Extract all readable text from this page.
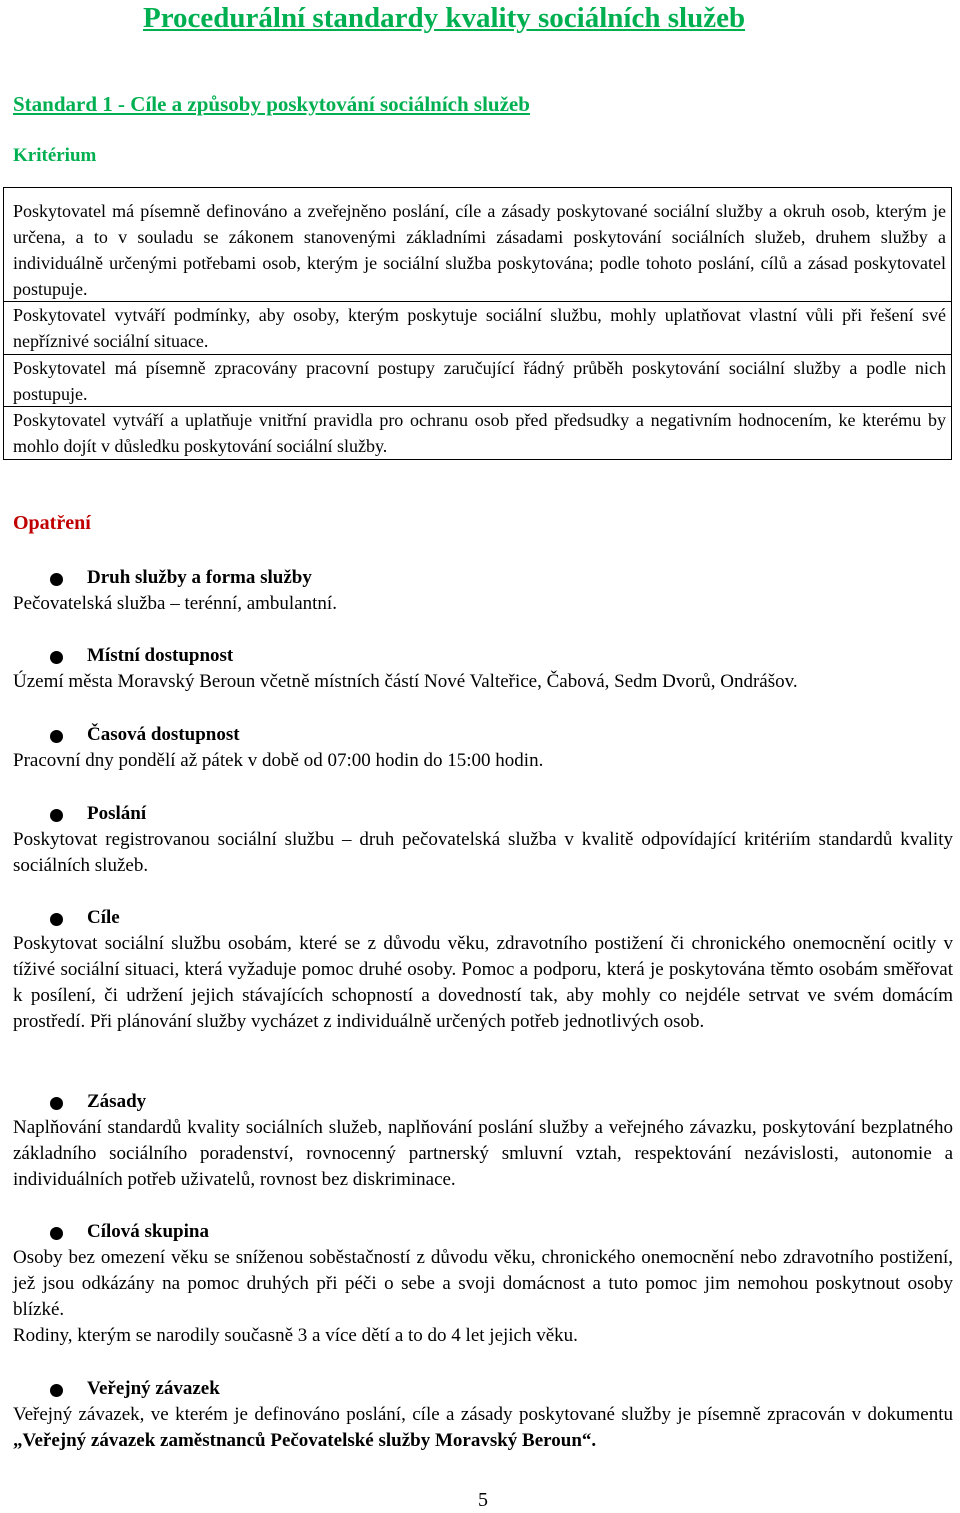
Procedurální standardy kvality sociálních služeb
Standard 1 - Cíle a způsoby poskytování sociálních služeb
Kritérium

Poskytovatel má písemně definováno a zveřejněno poslání, cíle a zásady poskytované sociální služby a okruh osob, kterým je určena, a to v souladu se zákonem stanovenými základními zásadami poskytování sociálních služeb, druhem služby a individuálně určenými potřebami osob, kterým je sociální služba poskytována; podle tohoto poslání, cílů a zásad poskytovatel postupuje.

Poskytovatel vytváří podmínky, aby osoby, kterým poskytuje sociální službu, mohly uplatňovat vlastní vůli při řešení své nepříznivé sociální situace.

Poskytovatel má písemně zpracovány pracovní postupy zaručující řádný průběh poskytování sociální služby a podle nich postupuje.

Poskytovatel vytváří a uplatňuje vnitřní pravidla pro ochranu osob před předsudky a negativním hodnocením, ke kterému by mohlo dojít v důsledku poskytování sociální služby.

Opatření
Druh služby a forma služby

Pečovatelská služba – terénní, ambulantní.

Místní dostupnost

Území města Moravský Beroun včetně místních částí Nové Valteřice, Čabová, Sedm Dvorů, Ondrášov.

Časová dostupnost

Pracovní dny pondělí až pátek v době od 07:00 hodin do 15:00 hodin.

Poslání

Poskytovat registrovanou sociální službu – druh pečovatelská služba v kvalitě odpovídající kritériím standardů kvality sociálních služeb.

Cíle

Poskytovat sociální službu osobám, které se z důvodu věku, zdravotního postižení či chronického onemocnění ocitly v tíživé sociální situaci, která vyžaduje pomoc druhé osoby. Pomoc a podporu, která je poskytována těmto osobám směřovat k posílení, či udržení jejich stávajících schopností a dovedností tak, aby mohly co nejdéle setrvat ve svém domácím prostředí. Při plánování služby vycházet z individuálně určených potřeb jednotlivých osob.

Zásady

Naplňování standardů kvality sociálních služeb, naplňování poslání služby a veřejného závazku, poskytování bezplatného základního sociálního poradenství, rovnocenný partnerský smluvní vztah, respektování nezávislosti, autonomie a individuálních potřeb uživatelů, rovnost bez diskriminace.

Cílová skupina

Osoby bez omezení věku se sníženou soběstačností z důvodu věku, chronického onemocnění nebo zdravotního postižení, jež jsou odkázány na pomoc druhých při péči o sebe a svoji domácnost a tuto pomoc jim nemohou poskytnout osoby blízké.

Rodiny, kterým se narodily současně 3 a více dětí a to do 4 let jejich věku.

Veřejný závazek

Veřejný závazek, ve kterém je definováno poslání, cíle a zásady poskytované služby je písemně zpracován v dokumentu „Veřejný závazek zaměstnanců Pečovatelské služby Moravský Beroun“.

5
